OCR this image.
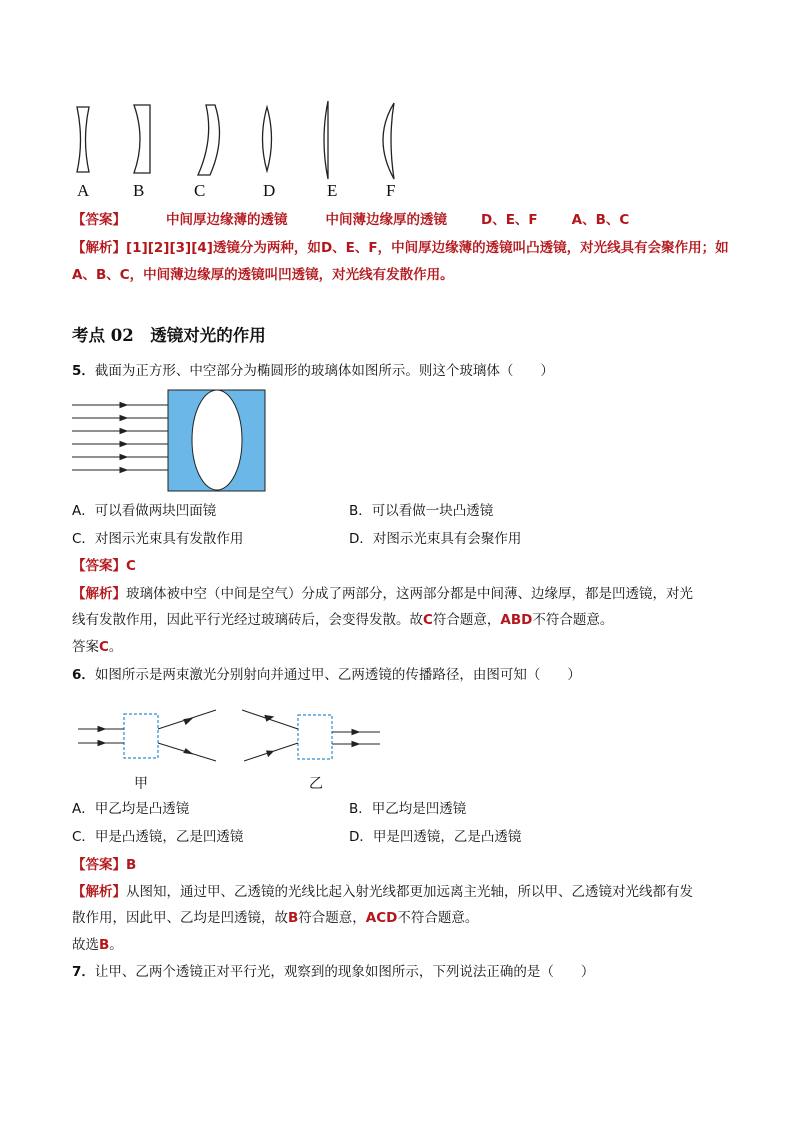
A	B	C	D	E	F
【答案】	中间厚边缘薄的透镜	中间薄边缘厚的透镜	D、E、F	A、B、C
【解析】[1][2][3][4]透镜分为两种，如D、E、F，中间厚边缘薄的透镜叫凸透镜，对光线具有会聚作用；如
A、B、C，中间薄边缘厚的透镜叫凹透镜，对光线有发散作用。
考点 02　透镜对光的作用
5．截面为正方形、中空部分为椭圆形的玻璃体如图所示。则这个玻璃体（　　）
A．可以看做两块凹面镜	B．可以看做一块凸透镜
C．对图示光束具有发散作用	D．对图示光束具有会聚作用
【答案】C
【解析】玻璃体被中空（中间是空气）分成了两部分，这两部分都是中间薄、边缘厚，都是凹透镜，对光
线有发散作用，因此平行光经过玻璃砖后，会变得发散。故C符合题意，ABD不符合题意。
答案C。
6．如图所示是两束激光分别射向并通过甲、乙两透镜的传播路径，由图可知（　　）
甲	乙
A．甲乙均是凸透镜	B．甲乙均是凹透镜
C．甲是凸透镜，乙是凹透镜	D．甲是凹透镜，乙是凸透镜
【答案】B
【解析】从图知，通过甲、乙透镜的光线比起入射光线都更加远离主光轴，所以甲、乙透镜对光线都有发
散作用，因此甲、乙均是凹透镜，故B符合题意，ACD不符合题意。
故选B。
7．让甲、乙两个透镜正对平行光，观察到的现象如图所示，下列说法正确的是（　　）
